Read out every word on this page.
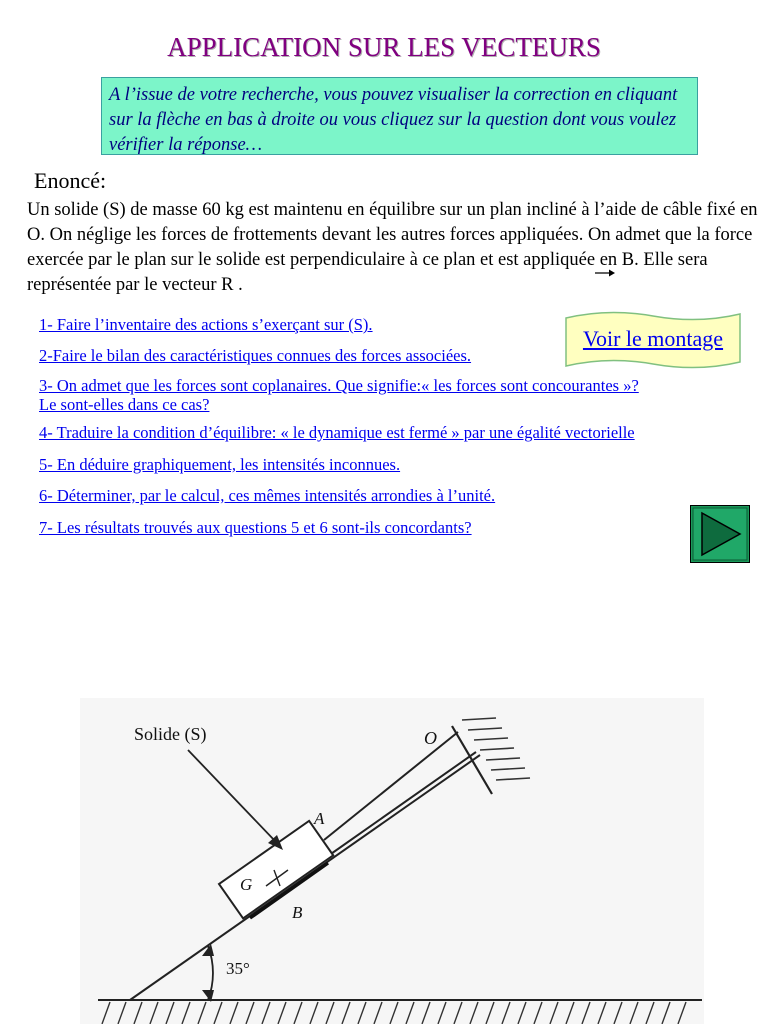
APPLICATION SUR LES VECTEURS
A l’issue de votre recherche, vous pouvez visualiser la correction en cliquant sur la flèche en bas à droite ou vous cliquez sur la question dont vous voulez vérifier la réponse…
Enoncé:
Un solide (S) de masse 60 kg est maintenu en équilibre sur un plan incliné à l’aide de câble fixé en O. On néglige les forces de frottements devant les autres forces appliquées. On admet que la force exercée par le plan sur le solide est perpendiculaire à ce plan et est appliquée en B. Elle sera représentée par le vecteur R .
1- Faire l’inventaire des actions s’exerçant sur (S).
2-Faire le bilan des caractéristiques connues des forces associées.
3- On admet que les forces sont coplanaires. Que signifie:« les forces sont concourantes »?
Le sont-elles dans ce cas?
4- Traduire la condition d’équilibre: « le dynamique est fermé » par une égalité vectorielle
5- En déduire graphiquement, les intensités inconnues.
6- Déterminer, par le calcul, ces mêmes intensités arrondies à l’unité.
7- Les résultats trouvés aux questions 5 et 6 sont-ils concordants?
Voir le montage
Solide (S)	O
A
G
B
35°
